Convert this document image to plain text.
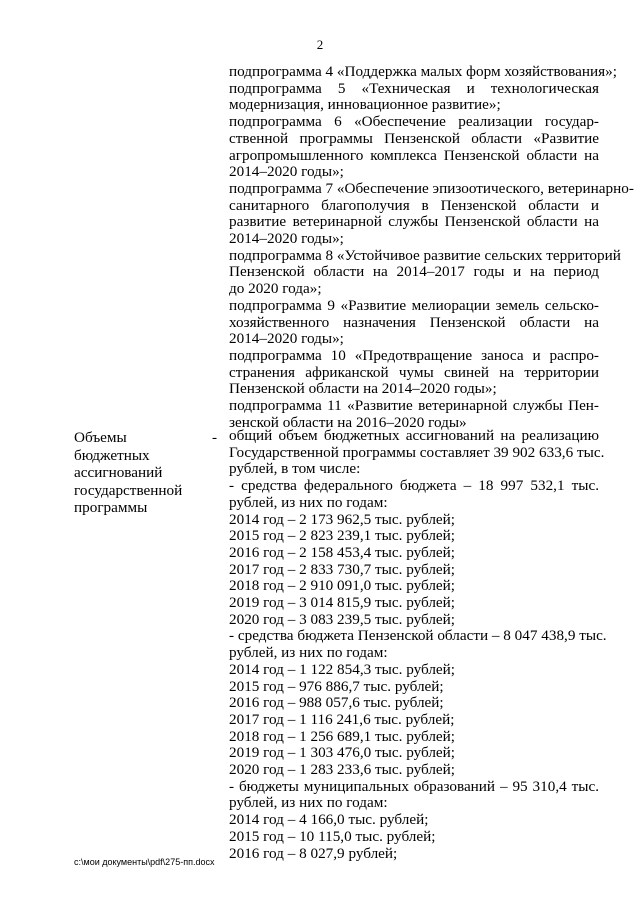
2
подпрограмма 4 «Поддержка малых форм хозяйствования»;
подпрограмма 5 «Техническая и технологическая
модернизация, инновационное развитие»;
подпрограмма 6 «Обеспечение реализации государ-
ственной программы Пензенской области «Развитие
агропромышленного комплекса Пензенской области на
2014–2020 годы»;
подпрограмма 7 «Обеспечение эпизоотического, ветеринарно-
санитарного благополучия в Пензенской области и
развитие ветеринарной службы Пензенской области на
2014–2020 годы»;
подпрограмма 8 «Устойчивое развитие сельских территорий
Пензенской области на 2014–2017 годы и на период
до 2020 года»;
подпрограмма 9 «Развитие мелиорации земель сельско-
хозяйственного назначения Пензенской области на
2014–2020 годы»;
подпрограмма 10 «Предотвращение заноса и распро-
странения африканской чумы свиней на территории
Пензенской области на 2014–2020 годы»;
подпрограмма 11 «Развитие ветеринарной службы Пен-
зенской области на 2016–2020 годы»
Объемы
бюджетных
ассигнований
государственной
программы
- общий объем бюджетных ассигнований на реализацию
Государственной программы составляет 39 902 633,6 тыс.
рублей, в том числе:
- средства федерального бюджета – 18 997 532,1 тыс.
рублей, из них по годам:
2014 год – 2 173 962,5 тыс. рублей;
2015 год – 2 823 239,1 тыс. рублей;
2016 год – 2 158 453,4 тыс. рублей;
2017 год – 2 833 730,7 тыс. рублей;
2018 год – 2 910 091,0 тыс. рублей;
2019 год – 3 014 815,9 тыс. рублей;
2020 год – 3 083 239,5 тыс. рублей;
- средства бюджета Пензенской области – 8 047 438,9 тыс.
рублей, из них по годам:
2014 год – 1 122 854,3 тыс. рублей;
2015 год – 976 886,7 тыс. рублей;
2016 год – 988 057,6 тыс. рублей;
2017 год – 1 116 241,6 тыс. рублей;
2018 год – 1 256 689,1 тыс. рублей;
2019 год – 1 303 476,0 тыс. рублей;
2020 год – 1 283 233,6 тыс. рублей;
- бюджеты муниципальных образований – 95 310,4 тыс.
рублей, из них по годам:
2014 год – 4 166,0 тыс. рублей;
2015 год – 10 115,0 тыс. рублей;
2016 год – 8 027,9 рублей;
c:\мои документы\pdf\275-пп.docx
